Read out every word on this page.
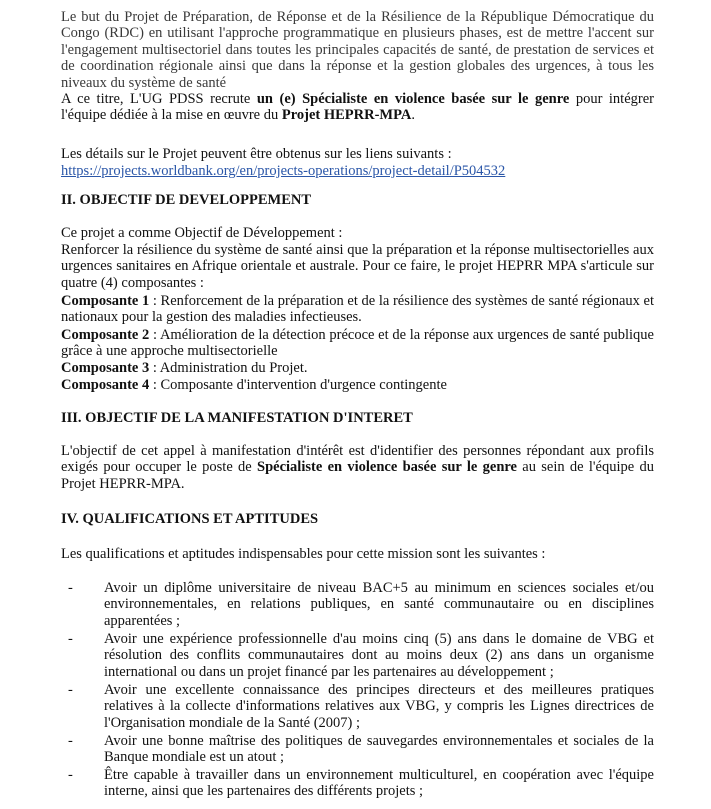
Le but du Projet de Préparation, de Réponse et de la Résilience de la République Démocratique du Congo (RDC) en utilisant l'approche programmatique en plusieurs phases, est de mettre l'accent sur l'engagement multisectoriel dans toutes les principales capacités de santé, de prestation de services et de coordination régionale ainsi que dans la réponse et la gestion globales des urgences, à tous les niveaux du système de santé

A ce titre, L'UG PDSS recrute un (e) Spécialiste en violence basée sur le genre pour intégrer l'équipe dédiée à la mise en œuvre du Projet HEPRR-MPA.

Les détails sur le Projet peuvent être obtenus sur les liens suivants :

https://projects.worldbank.org/en/projects-operations/project-detail/P504532

II. OBJECTIF DE DEVELOPPEMENT

Ce projet a comme Objectif de Développement :

Renforcer la résilience du système de santé ainsi que la préparation et la réponse multisectorielles aux urgences sanitaires en Afrique orientale et australe. Pour ce faire, le projet HEPRR MPA s'articule sur quatre (4) composantes :

Composante 1 : Renforcement de la préparation et de la résilience des systèmes de santé régionaux et nationaux pour la gestion des maladies infectieuses.

Composante 2 : Amélioration de la détection précoce et de la réponse aux urgences de santé publique grâce à une approche multisectorielle

Composante 3 : Administration du Projet.

Composante 4 : Composante d'intervention d'urgence contingente

III. OBJECTIF DE LA MANIFESTATION D'INTERET

L'objectif de cet appel à manifestation d'intérêt est d'identifier des personnes répondant aux profils exigés pour occuper le poste de Spécialiste en violence basée sur le genre au sein de l'équipe du Projet HEPRR-MPA.

IV. QUALIFICATIONS ET APTITUDES

Les qualifications et aptitudes indispensables pour cette mission sont les suivantes :

-	Avoir un diplôme universitaire de niveau BAC+5 au minimum en sciences sociales et/ou environnementales, en relations publiques, en santé communautaire ou en disciplines apparentées ;

-	Avoir une expérience professionnelle d'au moins cinq (5) ans dans le domaine de VBG et résolution des conflits communautaires dont au moins deux (2) ans dans un organisme international ou dans un projet financé par les partenaires au développement ;

-	Avoir une excellente connaissance des principes directeurs et des meilleures pratiques relatives à la collecte d'informations relatives aux VBG, y compris les Lignes directrices de l'Organisation mondiale de la Santé (2007) ;

-	Avoir une bonne maîtrise des politiques de sauvegardes environnementales et sociales de la Banque mondiale est un atout ;

-	Être capable à travailler dans un environnement multiculturel, en coopération avec l'équipe interne, ainsi que les partenaires des différents projets ;
